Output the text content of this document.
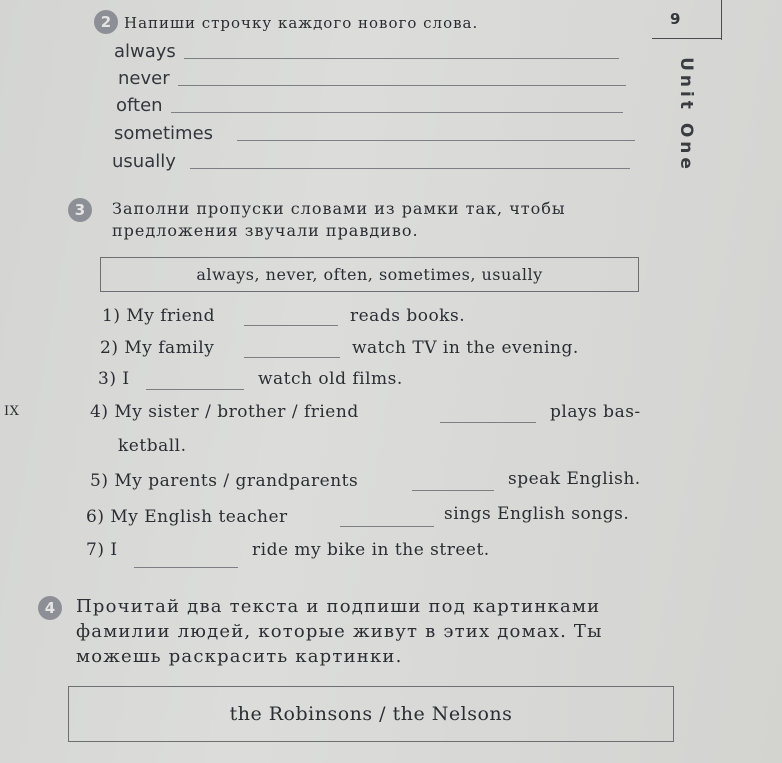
9
Unit One
2 Напиши строчку каждого нового слова.
always
never
often
sometimes
usually
3 Заполни пропуски словами из рамки так, чтобы
предложения звучали правдиво.
always, never, often, sometimes, usually
1) My friend	reads books.
2) My family	watch TV in the evening.
3) I	watch old films.
IX	4) My sister / brother / friend	plays bas-
ketball.
5) My parents / grandparents	speak English.
6) My English teacher	sings English songs.
7) I	ride my bike in the street.
4 Прочитай два текста и подпиши под картинками
фамилии людей, которые живут в этих домах. Ты
можешь раскрасить картинки.
the Robinsons / the Nelsons
